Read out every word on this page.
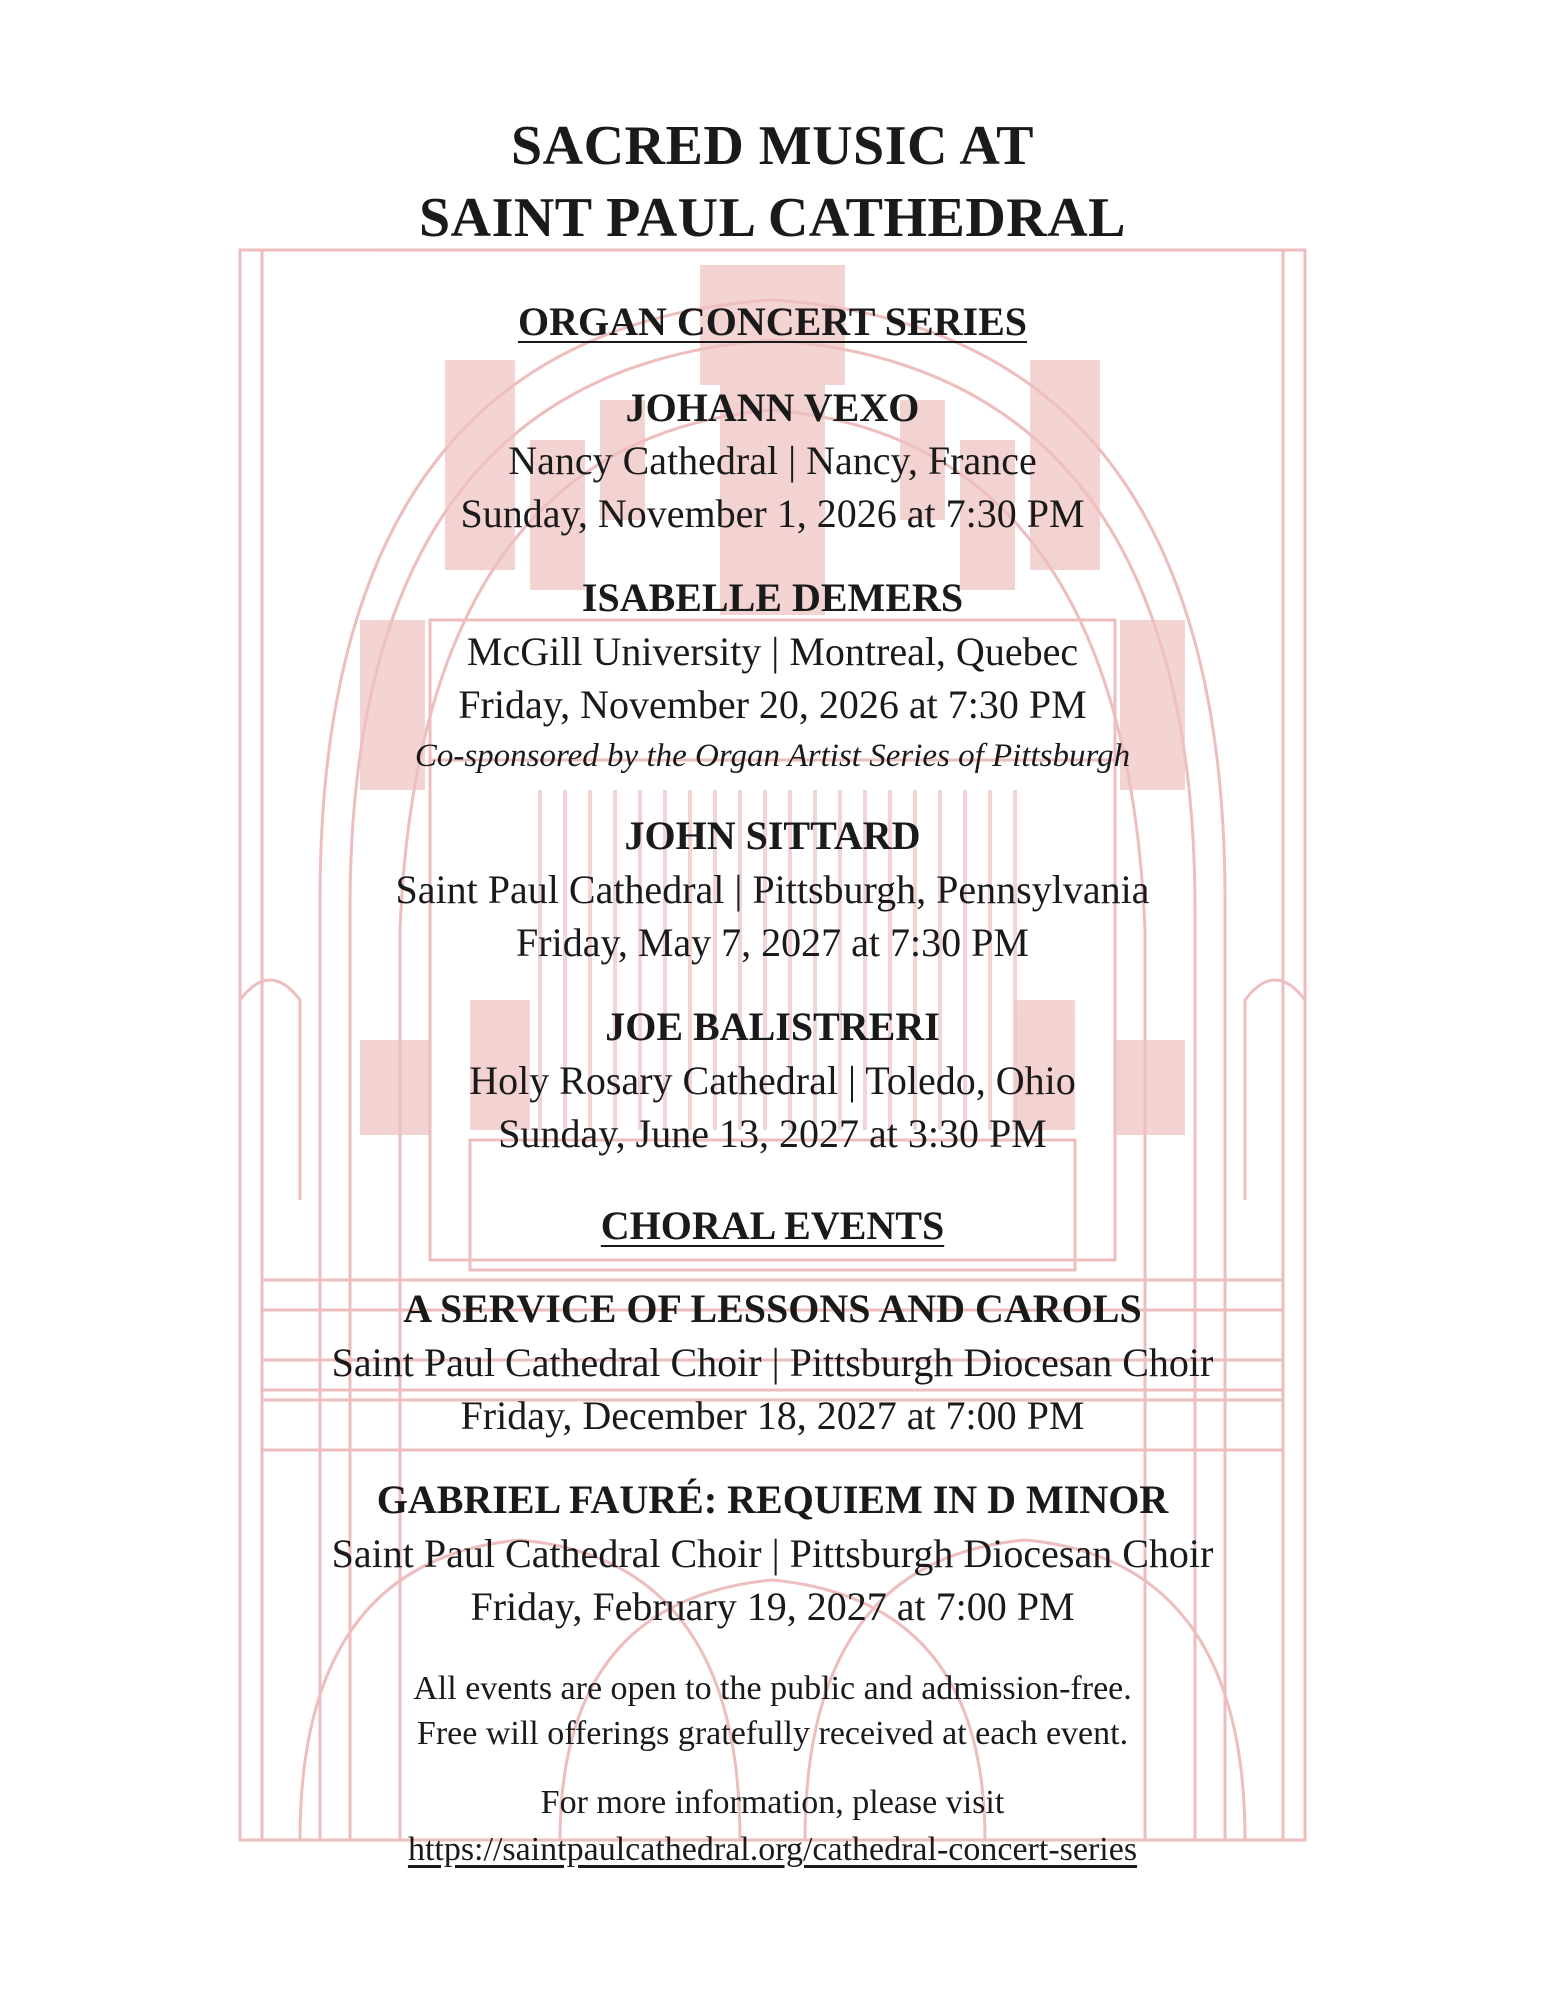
SACRED MUSIC AT
SAINT PAUL CATHEDRAL
ORGAN CONCERT SERIES
JOHANN VEXO
Nancy Cathedral | Nancy, France
Sunday, November 1, 2026 at 7:30 PM
ISABELLE DEMERS
McGill University | Montreal, Quebec
Friday, November 20, 2026 at 7:30 PM
Co-sponsored by the Organ Artist Series of Pittsburgh
JOHN SITTARD
Saint Paul Cathedral | Pittsburgh, Pennsylvania
Friday, May 7, 2027 at 7:30 PM
JOE BALISTRERI
Holy Rosary Cathedral | Toledo, Ohio
Sunday, June 13, 2027 at 3:30 PM
CHORAL EVENTS
A SERVICE OF LESSONS AND CAROLS
Saint Paul Cathedral Choir | Pittsburgh Diocesan Choir
Friday, December 18, 2027 at 7:00 PM
GABRIEL FAURÉ: REQUIEM IN D MINOR
Saint Paul Cathedral Choir | Pittsburgh Diocesan Choir
Friday, February 19, 2027 at 7:00 PM
All events are open to the public and admission-free.
Free will offerings gratefully received at each event.
For more information, please visit
https://saintpaulcathedral.org/cathedral-concert-series
